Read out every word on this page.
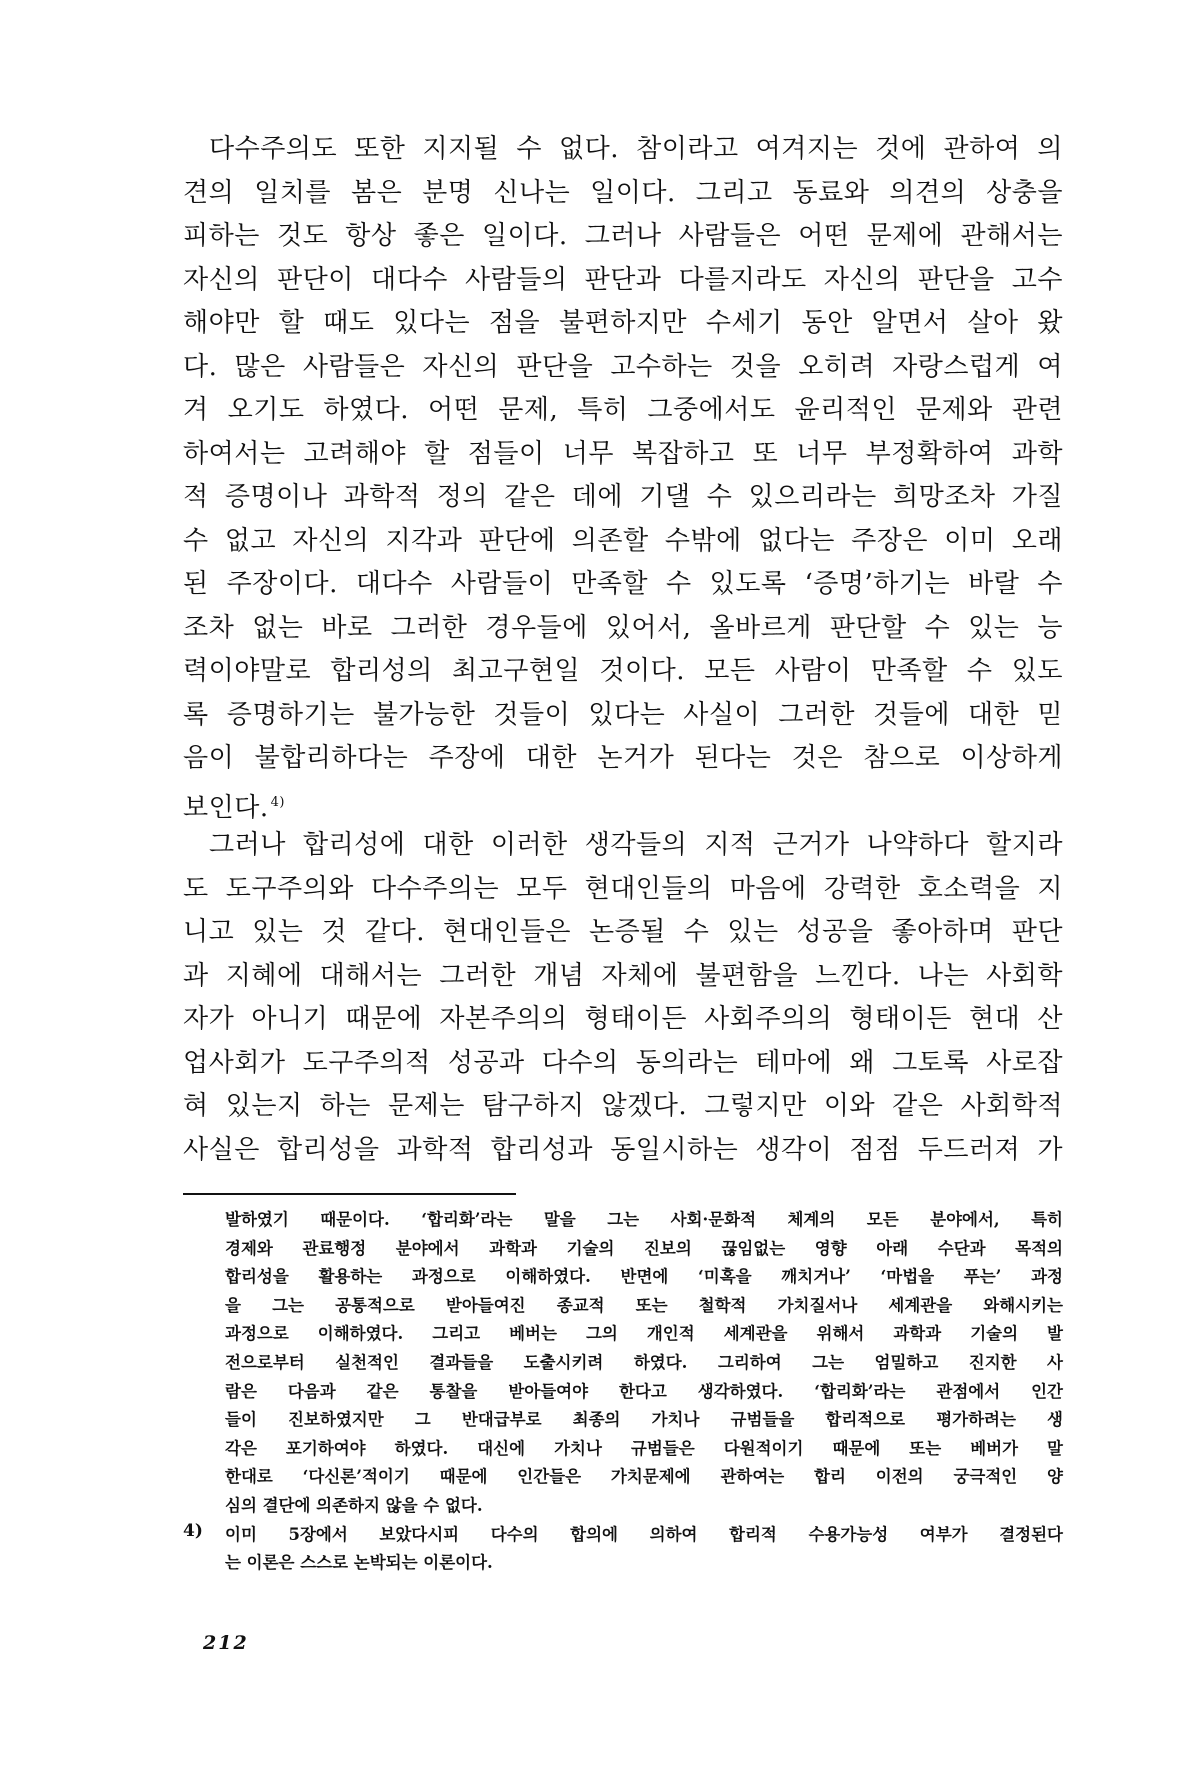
다수주의도 또한 지지될 수 없다. 참이라고 여겨지는 것에 관하여 의
견의 일치를 봄은 분명 신나는 일이다. 그리고 동료와 의견의 상충을
피하는 것도 항상 좋은 일이다. 그러나 사람들은 어떤 문제에 관해서는
자신의 판단이 대다수 사람들의 판단과 다를지라도 자신의 판단을 고수
해야만 할 때도 있다는 점을 불편하지만 수세기 동안 알면서 살아 왔
다. 많은 사람들은 자신의 판단을 고수하는 것을 오히려 자랑스럽게 여
겨 오기도 하였다. 어떤 문제, 특히 그중에서도 윤리적인 문제와 관련
하여서는 고려해야 할 점들이 너무 복잡하고 또 너무 부정확하여 과학
적 증명이나 과학적 정의 같은 데에 기댈 수 있으리라는 희망조차 가질
수 없고 자신의 지각과 판단에 의존할 수밖에 없다는 주장은 이미 오래
된 주장이다. 대다수 사람들이 만족할 수 있도록 ‘증명’하기는 바랄 수
조차 없는 바로 그러한 경우들에 있어서, 올바르게 판단할 수 있는 능
력이야말로 합리성의 최고구현일 것이다. 모든 사람이 만족할 수 있도
록 증명하기는 불가능한 것들이 있다는 사실이 그러한 것들에 대한 믿
음이 불합리하다는 주장에 대한 논거가 된다는 것은 참으로 이상하게
보인다. $^{4)}$
그러나 합리성에 대한 이러한 생각들의 지적 근거가 나약하다 할지라
도 도구주의와 다수주의는 모두 현대인들의 마음에 강력한 호소력을 지
니고 있는 것 같다. 현대인들은 논증될 수 있는 성공을 좋아하며 판단
과 지혜에 대해서는 그러한 개념 자체에 불편함을 느낀다. 나는 사회학
자가 아니기 때문에 자본주의의 형태이든 사회주의의 형태이든 현대 산
업사회가 도구주의적 성공과 다수의 동의라는 테마에 왜 그토록 사로잡
혀 있는지 하는 문제는 탐구하지 않겠다. 그렇지만 이와 같은 사회학적
사실은 합리성을 과학적 합리성과 동일시하는 생각이 점점 두드러져 가
발하였기 때문이다. ‘합리화’라는 말을 그는 사회·문화적 체계의 모든 분야에서, 특히
경제와 관료행정 분야에서 과학과 기술의 진보의 끊임없는 영향 아래 수단과 목적의
합리성을 활용하는 과정으로 이해하였다. 반면에 ‘미혹을 깨치거나’ ‘마법을 푸는’ 과정
을 그는 공통적으로 받아들여진 종교적 또는 철학적 가치질서나 세계관을 와해시키는
과정으로 이해하였다. 그리고 베버는 그의 개인적 세계관을 위해서 과학과 기술의 발
전으로부터 실천적인 결과들을 도출시키려 하였다. 그리하여 그는 엄밀하고 진지한 사
람은 다음과 같은 통찰을 받아들여야 한다고 생각하였다. ‘합리화’라는 관점에서 인간
들이 진보하였지만 그 반대급부로 최종의 가치나 규범들을 합리적으로 평가하려는 생
각은 포기하여야 하였다. 대신에 가치나 규범들은 다원적이기 때문에 또는 베버가 말
한대로 ‘다신론’적이기 때문에 인간들은 가치문제에 관하여는 합리 이전의 궁극적인 양
심의 결단에 의존하지 않을 수 없다.
4)	이미 5장에서 보았다시피 다수의 합의에 의하여 합리적 수용가능성 여부가 결정된다
는 이론은 스스로 논박되는 이론이다.
212
